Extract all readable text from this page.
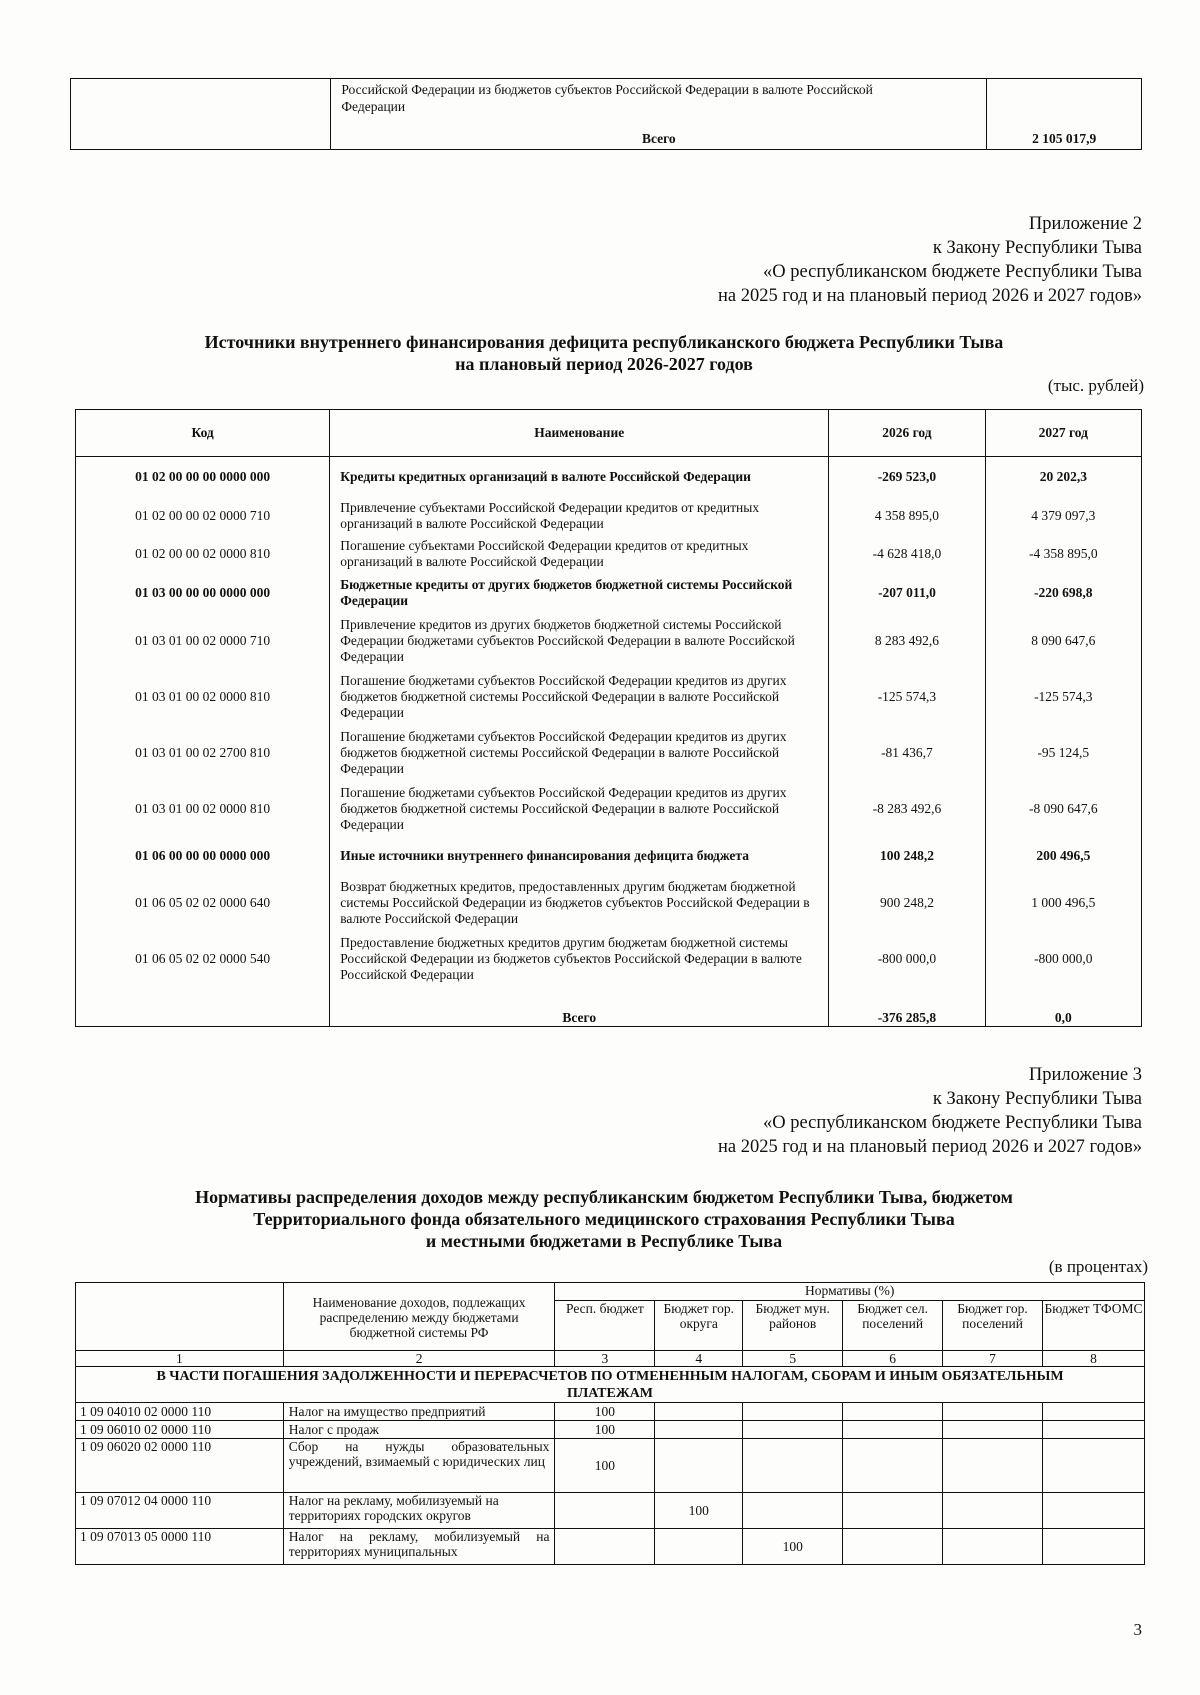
Российской Федерации из бюджетов субъектов Российской Федерации в валюте Российской Федерации
Всего	2 105 017,9
Приложение 2
к Закону Республики Тыва
«О республиканском бюджете Республики Тыва
на 2025 год и на плановый период 2026 и 2027 годов»
Источники внутреннего финансирования дефицита республиканского бюджета Республики Тыва
на плановый период 2026-2027 годов
(тыс. рублей)
Код	Наименование	2026 год	2027 год
01 02 00 00 00 0000 000	Кредиты кредитных организаций в валюте Российской Федерации	-269 523,0	20 202,3
01 02 00 00 02 0000 710	Привлечение субъектами Российской Федерации кредитов от кредитных организаций в валюте Российской Федерации	4 358 895,0	4 379 097,3
01 02 00 00 02 0000 810	Погашение субъектами Российской Федерации кредитов от кредитных организаций в валюте Российской Федерации	-4 628 418,0	-4 358 895,0
01 03 00 00 00 0000 000	Бюджетные кредиты от других бюджетов бюджетной системы Российской Федерации	-207 011,0	-220 698,8
01 03 01 00 02 0000 710	Привлечение кредитов из других бюджетов бюджетной системы Российской Федерации бюджетами субъектов Российской Федерации в валюте Российской Федерации	8 283 492,6	8 090 647,6
01 03 01 00 02 0000 810	Погашение бюджетами субъектов Российской Федерации кредитов из других бюджетов бюджетной системы Российской Федерации в валюте Российской Федерации	-125 574,3	-125 574,3
01 03 01 00 02 2700 810	Погашение бюджетами субъектов Российской Федерации кредитов из других бюджетов бюджетной системы Российской Федерации в валюте Российской Федерации	-81 436,7	-95 124,5
01 03 01 00 02 0000 810	Погашение бюджетами субъектов Российской Федерации кредитов из других бюджетов бюджетной системы Российской Федерации в валюте Российской Федерации	-8 283 492,6	-8 090 647,6
01 06 00 00 00 0000 000	Иные источники внутреннего финансирования дефицита бюджета	100 248,2	200 496,5
01 06 05 02 02 0000 640	Возврат бюджетных кредитов, предоставленных другим бюджетам бюджетной системы Российской Федерации из бюджетов субъектов Российской Федерации в валюте Российской Федерации	900 248,2	1 000 496,5
01 06 05 02 02 0000 540	Предоставление бюджетных кредитов другим бюджетам бюджетной системы Российской Федерации из бюджетов субъектов Российской Федерации в валюте Российской Федерации	-800 000,0	-800 000,0
	Всего	-376 285,8	0,0
Приложение 3
к Закону Республики Тыва
«О республиканском бюджете Республики Тыва
на 2025 год и на плановый период 2026 и 2027 годов»
Нормативы распределения доходов между республиканским бюджетом Республики Тыва, бюджетом
Территориального фонда обязательного медицинского страхования Республики Тыва
и местными бюджетами в Республике Тыва
(в процентах)
	Наименование доходов, подлежащих распределению между бюджетами бюджетной системы РФ	Нормативы (%)					
		Респ. бюджет	Бюджет гор. округа	Бюджет мун. районов	Бюджет сел. поселений	Бюджет гор. поселений	Бюджет ТФОМС
1	2	3	4	5	6	7	8
В ЧАСТИ ПОГАШЕНИЯ ЗАДОЛЖЕННОСТИ И ПЕРЕРАСЧЕТОВ ПО ОТМЕНЕННЫМ НАЛОГАМ, СБОРАМ И ИНЫМ ОБЯЗАТЕЛЬНЫМ ПЛАТЕЖАМ							
1 09 04010 02 0000 110	Налог на имущество предприятий	100					
1 09 06010 02 0000 110	Налог с продаж	100					
1 09 06020 02 0000 110	Сбор на нужды образовательных учреждений, взимаемый с юридических лиц	100					
1 09 07012 04 0000 110	Налог на рекламу, мобилизуемый на территориях городских округов		100				
1 09 07013 05 0000 110	Налог на рекламу, мобилизуемый на территориях муниципальных			100			
3
